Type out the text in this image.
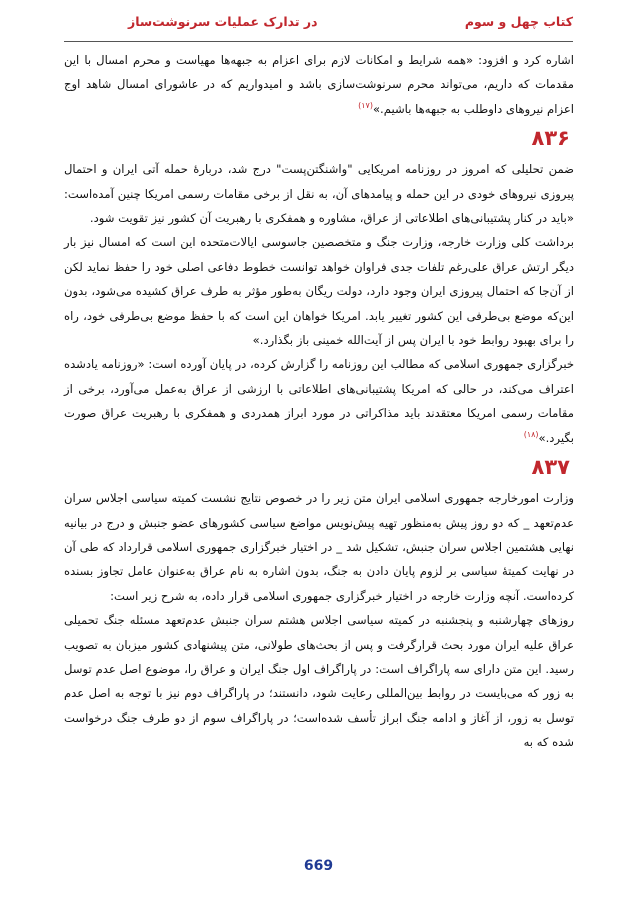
کتاب چهل و سوم
در تدارک عملیات سرنوشت‌ساز

اشاره کرد و افزود: «همه شرایط و امکانات لازم برای اعزام به جبهه‌ها مهیاست و محرم امسال با این مقدمات که داریم، می‌تواند محرم سرنوشت‌سازی باشد و امیدواریم که در عاشورای امسال شاهد اوج اعزام نیروهای داوطلب به جبهه‌ها باشیم.»$^{(۱۷)}$

۸۳۶

ضمن تحلیلی که امروز در روزنامه امریکایی "واشنگتن‌پست" درج شد، دربارهٔ حمله آتی ایران و احتمال پیروزی نیروهای خودی در این حمله و پیامدهای آن، به نقل از برخی مقامات رسمی امریکا چنین آمده‌است: «باید در کنار پشتیبانی‌های اطلاعاتی از عراق، مشاوره و همفکری با رهبریت آن کشور نیز تقویت شود.

برداشت کلی وزارت خارجه، وزارت جنگ و متخصصین جاسوسی ایالات‌متحده این است که امسال نیز بار دیگر ارتش عراق علی‌رغم تلفات جدی فراوان خواهد توانست خطوط دفاعی اصلی خود را حفظ نماید لکن از آن‌جا که احتمال پیروزی ایران وجود دارد، دولت ریگان به‌طور مؤثر به طرف عراق کشیده می‌شود، بدون این‌که موضع بی‌طرفی این کشور تغییر یابد. امریکا خواهان این است که با حفظ موضع بی‌طرفی خود، راه را برای بهبود روابط خود با ایران پس از آیت‌الله خمینی باز بگذارد.»

خبرگزاری جمهوری اسلامی که مطالب این روزنامه را گزارش کرده، در پایان آورده است: «روزنامه یادشده اعتراف می‌کند، در حالی که امریکا پشتیبانی‌های اطلاعاتی با ارزشی از عراق به‌عمل می‌آورد، برخی از مقامات رسمی امریکا معتقدند باید مذاکراتی در مورد ابراز همدردی و همفکری با رهبریت عراق صورت بگیرد.»$^{(۱۸)}$

۸۳۷

وزارت امورخارجه جمهوری اسلامی ایران متن زیر را در خصوص نتایج نشست کمیته سیاسی اجلاس سران عدم‌تعهد _ که دو روز پیش به‌منظور تهیه پیش‌نویس مواضع سیاسی کشورهای عضو جنبش و درج در بیانیه نهایی هشتمین اجلاس سران جنبش، تشکیل شد _ در اختیار خبرگزاری جمهوری اسلامی قرارداد که طی آن در نهایت کمیتهٔ سیاسی بر لزوم پایان دادن به جنگ، بدون اشاره به نام عراق به‌عنوان عامل تجاوز بسنده کرده‌است. آنچه وزارت خارجه در اختیار خبرگزاری جمهوری اسلامی قرار داده، به شرح زیر است:

روزهای چهارشنبه و پنجشنبه در کمیته سیاسی اجلاس هشتم سران جنبش عدم‌تعهد مسئله جنگ تحمیلی عراق علیه ایران مورد بحث قرارگرفت و پس از بحث‌های طولانی، متن پیشنهادی کشور میزبان به تصویب رسید. این متن دارای سه پاراگراف است: در پاراگراف اول جنگ ایران و عراق را، موضوع اصل عدم توسل به زور که می‌بایست در روابط بین‌المللی رعایت شود، دانستند؛ در پاراگراف دوم نیز با توجه به اصل عدم توسل به زور، از آغاز و ادامه جنگ ابراز تأسف شده‌است؛ در پاراگراف سوم از دو طرف جنگ درخواست شده که به

669
